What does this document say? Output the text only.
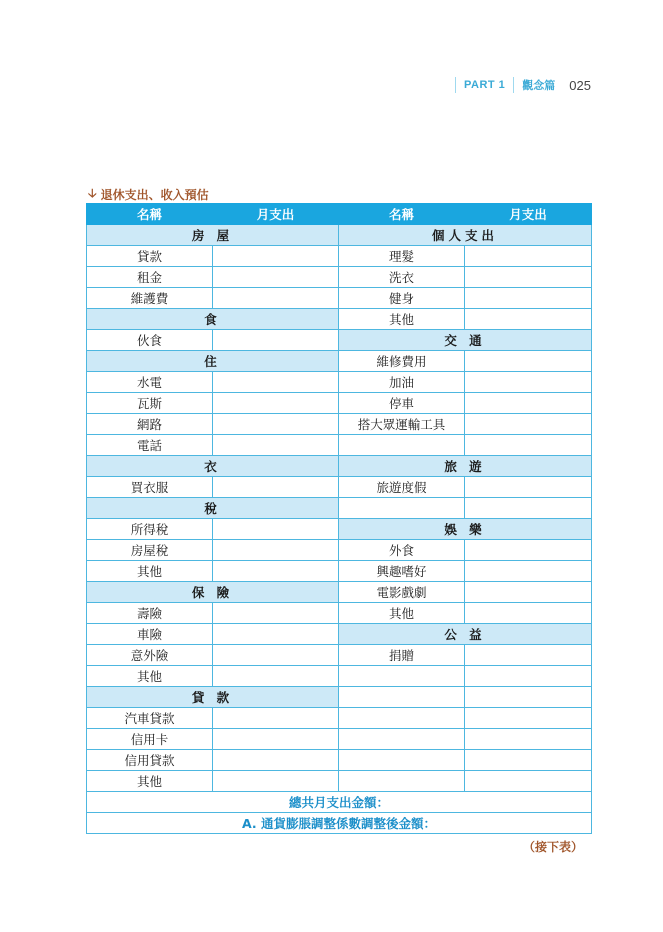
PART 1 觀念篇 025
🡣 退休支出、收入預估
名稱	月支出	名稱	月支出
房 屋		個人支出	
貸款		理髮	
租金		洗衣	
維護費		健身	
食		其他	
伙食		交 通	
住		維修費用	
水電		加油	
瓦斯		停車	
網路		搭大眾運輸工具	
電話			
衣		旅 遊	
買衣服		旅遊度假	
稅			
所得稅		娛 樂	
房屋稅		外食	
其他		興趣嗜好	
保 險		電影戲劇	
壽險		其他	
車險		公 益	
意外險		捐贈	
其他			
貸 款			
汽車貸款			
信用卡			
信用貸款			
其他			
總共月支出金額：			
A. 通貨膨脹調整係數調整後金額：			
（接下表）
